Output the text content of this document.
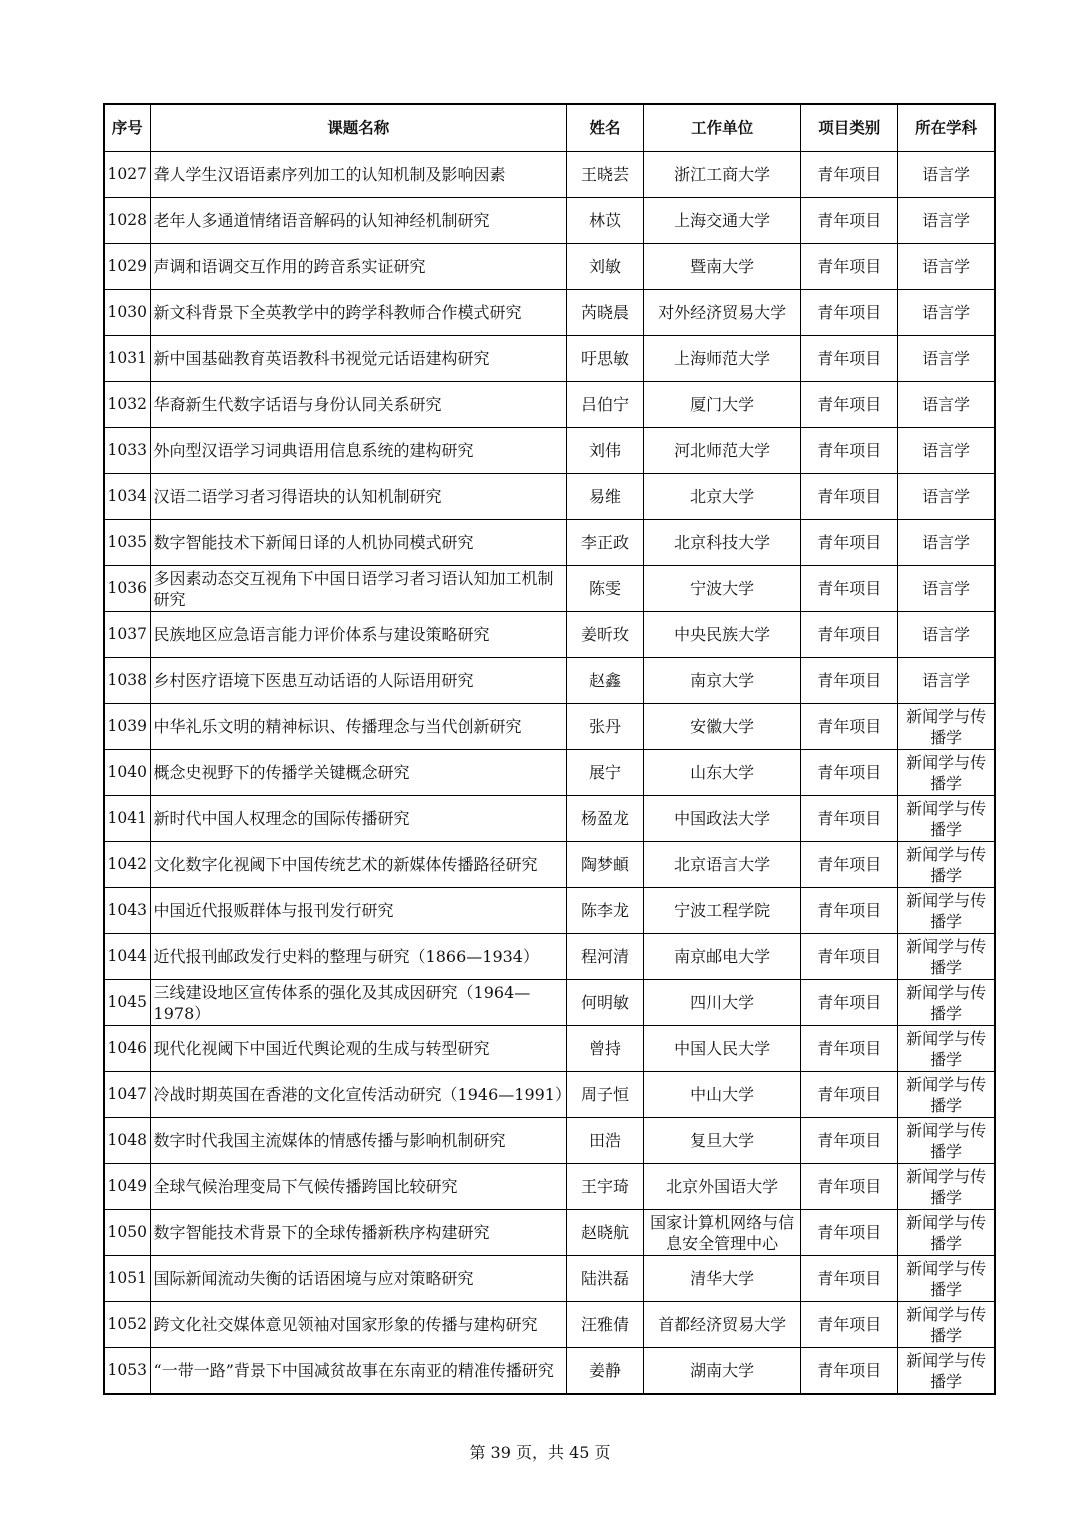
序号	课题名称	姓名	工作单位	项目类别	所在学科
1027	聋人学生汉语语素序列加工的认知机制及影响因素	王晓芸	浙江工商大学	青年项目	语言学
1028	老年人多通道情绪语音解码的认知神经机制研究	林苡	上海交通大学	青年项目	语言学
1029	声调和语调交互作用的跨音系实证研究	刘敏	暨南大学	青年项目	语言学
1030	新文科背景下全英教学中的跨学科教师合作模式研究	芮晓晨	对外经济贸易大学	青年项目	语言学
1031	新中国基础教育英语教科书视觉元话语建构研究	吁思敏	上海师范大学	青年项目	语言学
1032	华裔新生代数字话语与身份认同关系研究	吕伯宁	厦门大学	青年项目	语言学
1033	外向型汉语学习词典语用信息系统的建构研究	刘伟	河北师范大学	青年项目	语言学
1034	汉语二语学习者习得语块的认知机制研究	易维	北京大学	青年项目	语言学
1035	数字智能技术下新闻日译的人机协同模式研究	李正政	北京科技大学	青年项目	语言学
1036	多因素动态交互视角下中国日语学习者习语认知加工机制研究	陈雯	宁波大学	青年项目	语言学
1037	民族地区应急语言能力评价体系与建设策略研究	姜昕玫	中央民族大学	青年项目	语言学
1038	乡村医疗语境下医患互动话语的人际语用研究	赵鑫	南京大学	青年项目	语言学
1039	中华礼乐文明的精神标识、传播理念与当代创新研究	张丹	安徽大学	青年项目	新闻学与传播学
1040	概念史视野下的传播学关键概念研究	展宁	山东大学	青年项目	新闻学与传播学
1041	新时代中国人权理念的国际传播研究	杨盈龙	中国政法大学	青年项目	新闻学与传播学
1042	文化数字化视阈下中国传统艺术的新媒体传播路径研究	陶梦頔	北京语言大学	青年项目	新闻学与传播学
1043	中国近代报贩群体与报刊发行研究	陈李龙	宁波工程学院	青年项目	新闻学与传播学
1044	近代报刊邮政发行史料的整理与研究（1866—1934）	程河清	南京邮电大学	青年项目	新闻学与传播学
1045	三线建设地区宣传体系的强化及其成因研究（1964—1978）	何明敏	四川大学	青年项目	新闻学与传播学
1046	现代化视阈下中国近代舆论观的生成与转型研究	曾持	中国人民大学	青年项目	新闻学与传播学
1047	冷战时期英国在香港的文化宣传活动研究（1946—1991）	周子恒	中山大学	青年项目	新闻学与传播学
1048	数字时代我国主流媒体的情感传播与影响机制研究	田浩	复旦大学	青年项目	新闻学与传播学
1049	全球气候治理变局下气候传播跨国比较研究	王宇琦	北京外国语大学	青年项目	新闻学与传播学
1050	数字智能技术背景下的全球传播新秩序构建研究	赵晓航	国家计算机网络与信息安全管理中心	青年项目	新闻学与传播学
1051	国际新闻流动失衡的话语困境与应对策略研究	陆洪磊	清华大学	青年项目	新闻学与传播学
1052	跨文化社交媒体意见领袖对国家形象的传播与建构研究	汪雅倩	首都经济贸易大学	青年项目	新闻学与传播学
1053	“一带一路”背景下中国减贫故事在东南亚的精准传播研究	姜静	湖南大学	青年项目	新闻学与传播学
第 39 页，共 45 页
